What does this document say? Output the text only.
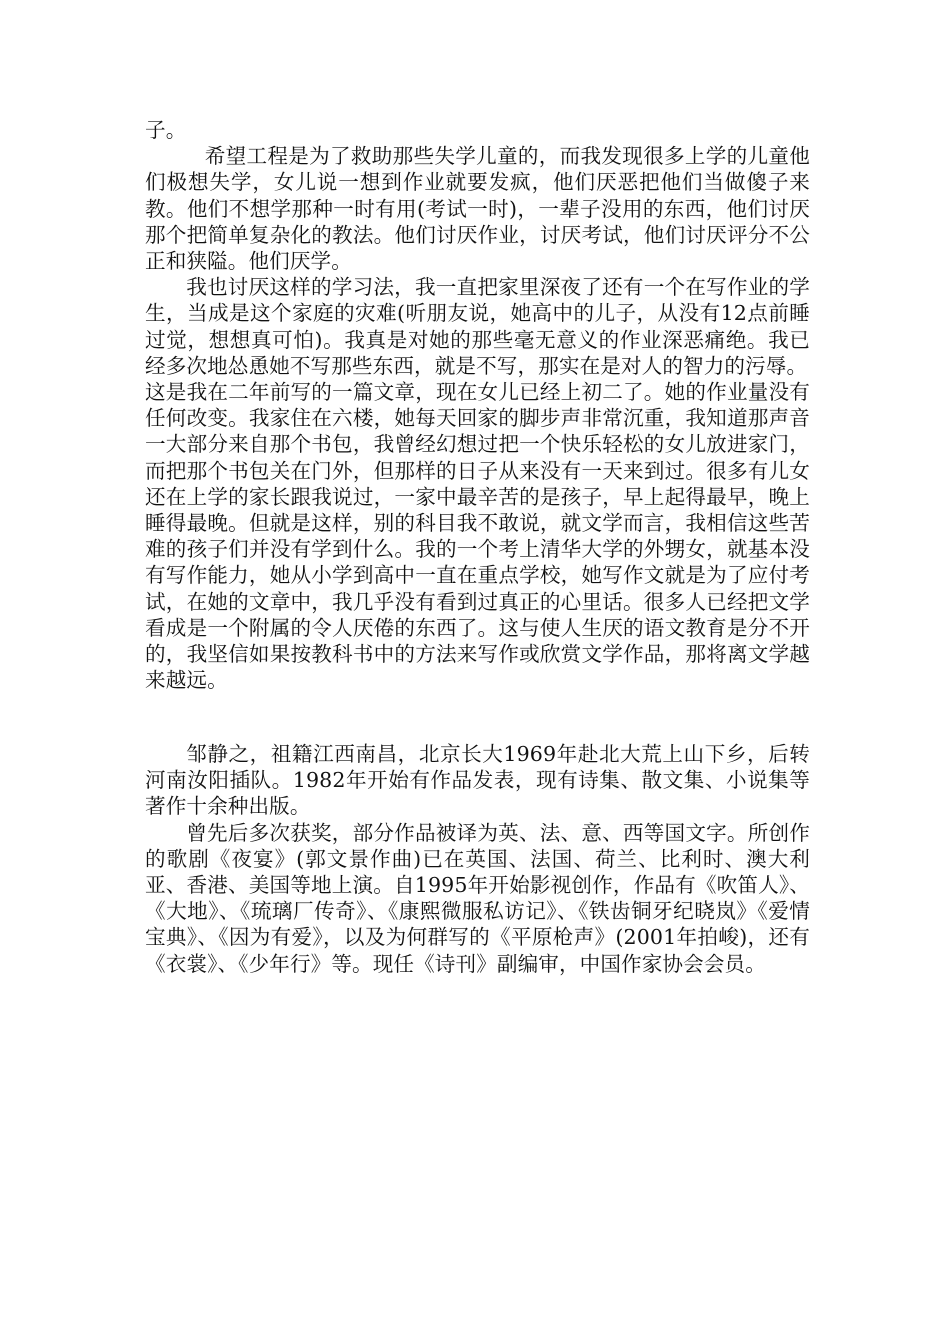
子。

希望工程是为了救助那些失学儿童的，而我发现很多上学的儿童他们极想失学，女儿说一想到作业就要发疯，他们厌恶把他们当做傻子来教。他们不想学那种一时有用(考试一时)，一辈子没用的东西，他们讨厌那个把简单复杂化的教法。他们讨厌作业，讨厌考试，他们讨厌评分不公正和狭隘。他们厌学。

我也讨厌这样的学习法，我一直把家里深夜了还有一个在写作业的学生，当成是这个家庭的灾难(听朋友说，她高中的儿子，从没有12点前睡过觉，想想真可怕)。我真是对她的那些毫无意义的作业深恶痛绝。我已经多次地怂恿她不写那些东西，就是不写，那实在是对人的智力的污辱。

这是我在二年前写的一篇文章，现在女儿已经上初二了。她的作业量没有任何改变。我家住在六楼，她每天回家的脚步声非常沉重，我知道那声音一大部分来自那个书包，我曾经幻想过把一个快乐轻松的女儿放进家门，而把那个书包关在门外，但那样的日子从来没有一天来到过。很多有儿女还在上学的家长跟我说过，一家中最辛苦的是孩子，早上起得最早，晚上睡得最晚。但就是这样，别的科目我不敢说，就文学而言，我相信这些苦难的孩子们并没有学到什么。我的一个考上清华大学的外甥女，就基本没有写作能力，她从小学到高中一直在重点学校，她写作文就是为了应付考试，在她的文章中，我几乎没有看到过真正的心里话。很多人已经把文学看成是一个附属的令人厌倦的东西了。这与使人生厌的语文教育是分不开的，我坚信如果按教科书中的方法来写作或欣赏文学作品，那将离文学越来越远。

邹静之，祖籍江西南昌，北京长大1969年赴北大荒上山下乡，后转河南汝阳插队。1982年开始有作品发表，现有诗集、散文集、小说集等著作十余种出版。

曾先后多次获奖，部分作品被译为英、法、意、西等国文字。所创作的歌剧《夜宴》(郭文景作曲)已在英国、法国、荷兰、比利时、澳大利亚、香港、美国等地上演。自1995年开始影视创作，作品有《吹笛人》、《大地》、《琉璃厂传奇》、《康熙微服私访记》、《铁齿铜牙纪晓岚》《爱情宝典》、《因为有爱》，以及为何群写的《平原枪声》(2001年拍峻)，还有《衣裳》、《少年行》等。现任《诗刊》副编审，中国作家协会会员。
